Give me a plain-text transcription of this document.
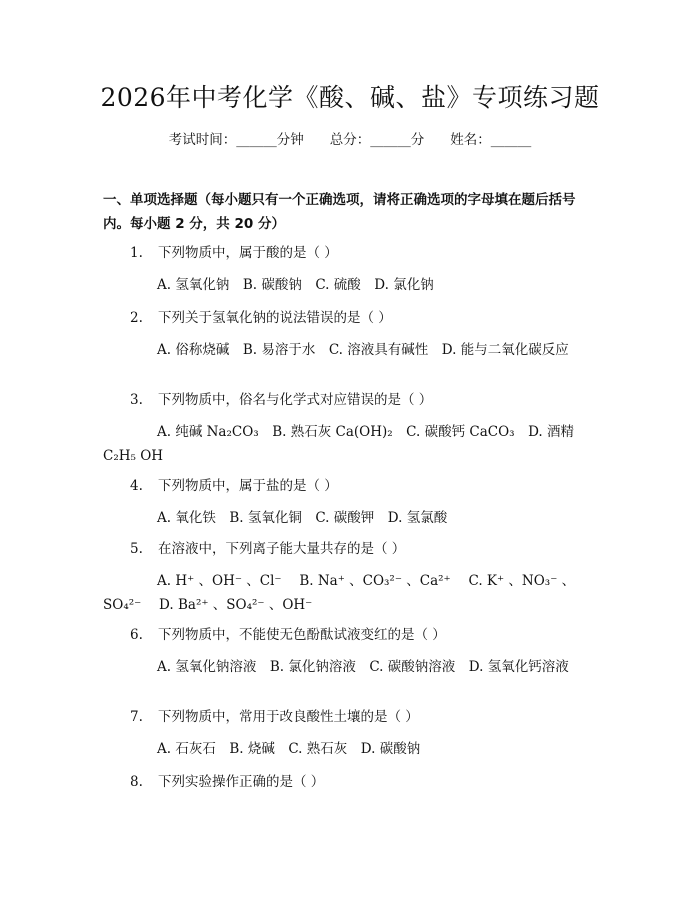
2026年中考化学《酸、碱、盐》专项练习题
考试时间：______分钟 总分：______分 姓名：______

一、单项选择题（每小题只有一个正确选项，请将正确选项的字母填在题后括号内。每小题 2 分，共 20 分）

1. 下列物质中，属于酸的是（ ）
A. 氢氧化钠　B. 碳酸钠　C. 硫酸　D. 氯化钠
2. 下列关于氢氧化钠的说法错误的是（ ）
A. 俗称烧碱　B. 易溶于水　C. 溶液具有碱性　D. 能与二氧化碳反应
3. 下列物质中，俗名与化学式对应错误的是（ ）
A. 纯碱 Na₂CO₃　B. 熟石灰 Ca(OH)₂　C. 碳酸钙 CaCO₃　D. 酒精 C₂H₅ OH
4. 下列物质中，属于盐的是（ ）
A. 氧化铁　B. 氢氧化铜　C. 碳酸钾　D. 氢氯酸
5. 在溶液中，下列离子能大量共存的是（ ）
A. H⁺ 、OH⁻ 、Cl⁻　 B. Na⁺ 、CO₃²⁻ 、Ca²⁺　 C. K⁺ 、NO₃⁻ 、SO₄²⁻　 D. Ba²⁺ 、SO₄²⁻ 、OH⁻
6. 下列物质中，不能使无色酚酞试液变红的是（ ）
A. 氢氧化钠溶液　B. 氯化钠溶液　C. 碳酸钠溶液　D. 氢氧化钙溶液
7. 下列物质中，常用于改良酸性土壤的是（ ）
A. 石灰石　B. 烧碱　C. 熟石灰　D. 碳酸钠
8. 下列实验操作正确的是（ ）
